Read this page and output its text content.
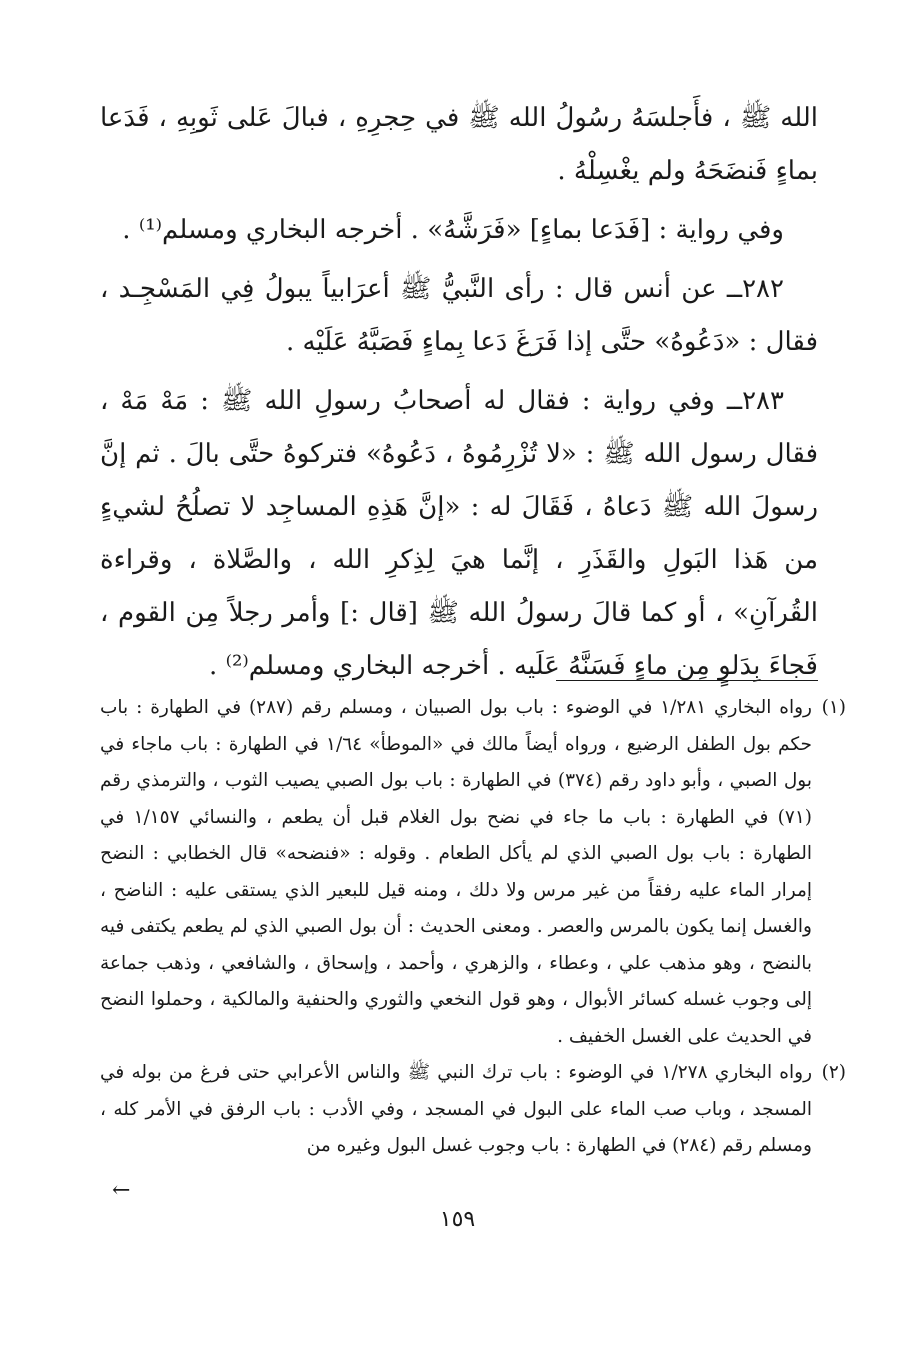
الله ﷺ ، فأَجلسَهُ رسُولُ الله ﷺ في حِجرِهِ ، فبالَ عَلى ثَوبِهِ ، فَدَعا بماءٍ فَنضَحَهُ ولم يغْسِلْهُ .

وفي رواية : [فَدَعا بماءٍ] «فَرَشَّهُ» . أخرجه البخاري ومسلم⁽¹⁾ .

٢٨٢ــ عن أنس قال : رأى النَّبيُّ ﷺ أعرَابياً يبولُ فِي المَسْجِـد ، فقال : «دَعُوهُ» حتَّى إذا فَرَغَ دَعا بِماءٍ فَصَبَّهُ عَلَيْه .

٢٨٣ــ وفي رواية : فقال له أصحابُ رسولِ الله ﷺ : مَهْ مَهْ ، فقال رسول الله ﷺ : «لا تُزْرِمُوهُ ، دَعُوهُ» فتركوهُ حتَّى بالَ . ثم إنَّ رسولَ الله ﷺ دَعاهُ ، فَقَالَ له : «إنَّ هَذِهِ المساجِد لا تصلُحُ لشيءٍ من هَذا البَولِ والقَذَرِ ، إنَّما هيَ لِذِكرِ الله ، والصَّلاة ، وقراءة القُرآنِ» ، أو كما قالَ رسولُ الله ﷺ [قال :] وأمر رجلاً مِن القوم ، فَجاءَ بِدَلوٍ مِن ماءٍ فَسَنَّهُ عَلَيه . أخرجه البخاري ومسلم⁽²⁾ .

(١)
رواه البخاري ١/٢٨١ في الوضوء : باب بول الصبيان ، ومسلم رقم (٢٨٧) في الطهارة : باب حكم بول الطفل الرضيع ، ورواه أيضاً مالك في «الموطأ» ١/٦٤ في الطهارة : باب ماجاء في بول الصبي ، وأبو داود رقم (٣٧٤) في الطهارة : باب بول الصبي يصيب الثوب ، والترمذي رقم (٧١) في الطهارة : باب ما جاء في نضح بول الغلام قبل أن يطعم ، والنسائي ١/١٥٧ في الطهارة : باب بول الصبي الذي لم يأكل الطعام . وقوله : «فنضحه» قال الخطابي : النضح إمرار الماء عليه رفقاً من غير مرس ولا دلك ، ومنه قيل للبعير الذي يستقى عليه : الناضح ، والغسل إنما يكون بالمرس والعصر . ومعنى الحديث : أن بول الصبي الذي لم يطعم يكتفى فيه بالنضح ، وهو مذهب علي ، وعطاء ، والزهري ، وأحمد ، وإسحاق ، والشافعي ، وذهب جماعة إلى وجوب غسله كسائر الأبوال ، وهو قول النخعي والثوري والحنفية والمالكية ، وحملوا النضح في الحديث على الغسل الخفيف .

(٢)
رواه البخاري ١/٢٧٨ في الوضوء : باب ترك النبي ﷺ والناس الأعرابي حتى فرغ من بوله في المسجد ، وباب صب الماء على البول في المسجد ، وفي الأدب : باب الرفق في الأمر كله ، ومسلم رقم (٢٨٤) في الطهارة : باب وجوب غسل البول وغيره من

←
١٥٩
